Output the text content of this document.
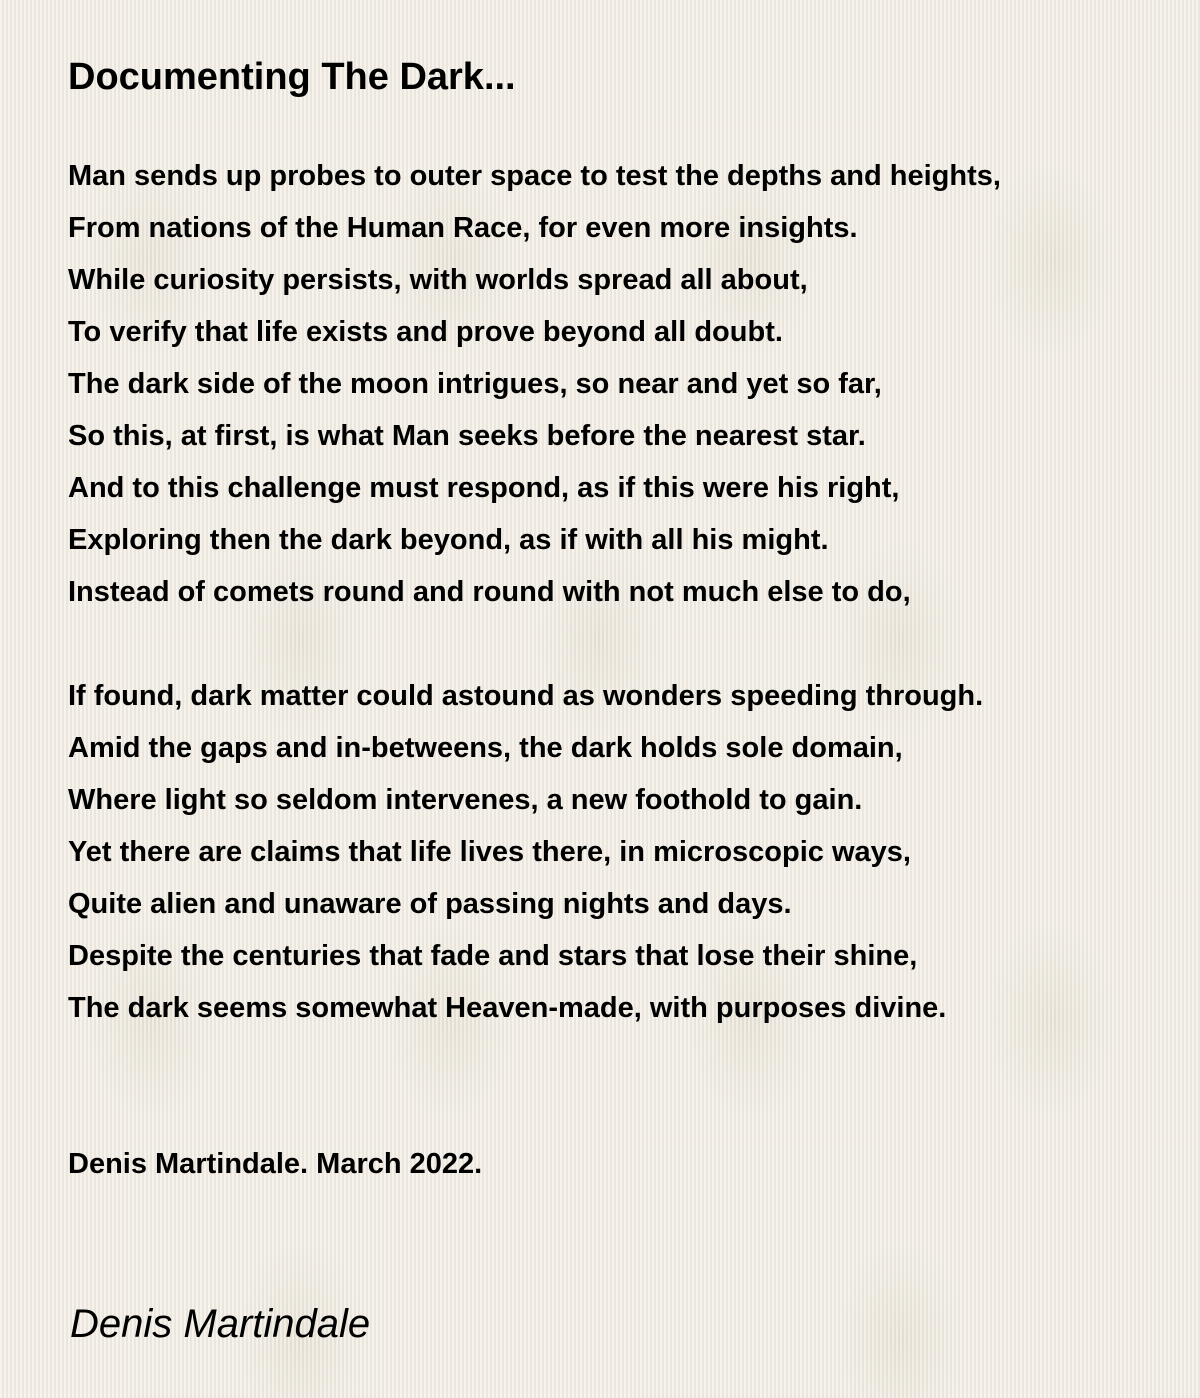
Documenting The Dark...

Man sends up probes to outer space to test the depths and heights,
From nations of the Human Race, for even more insights.
While curiosity persists, with worlds spread all about,
To verify that life exists and prove beyond all doubt.
The dark side of the moon intrigues, so near and yet so far,
So this, at first, is what Man seeks before the nearest star.
And to this challenge must respond, as if this were his right,
Exploring then the dark beyond, as if with all his might.
Instead of comets round and round with not much else to do,

If found, dark matter could astound as wonders speeding through.
Amid the gaps and in-betweens, the dark holds sole domain,
Where light so seldom intervenes, a new foothold to gain.
Yet there are claims that life lives there, in microscopic ways,
Quite alien and unaware of passing nights and days.
Despite the centuries that fade and stars that lose their shine,
The dark seems somewhat Heaven-made, with purposes divine.

Denis Martindale. March 2022.
Denis Martindale
